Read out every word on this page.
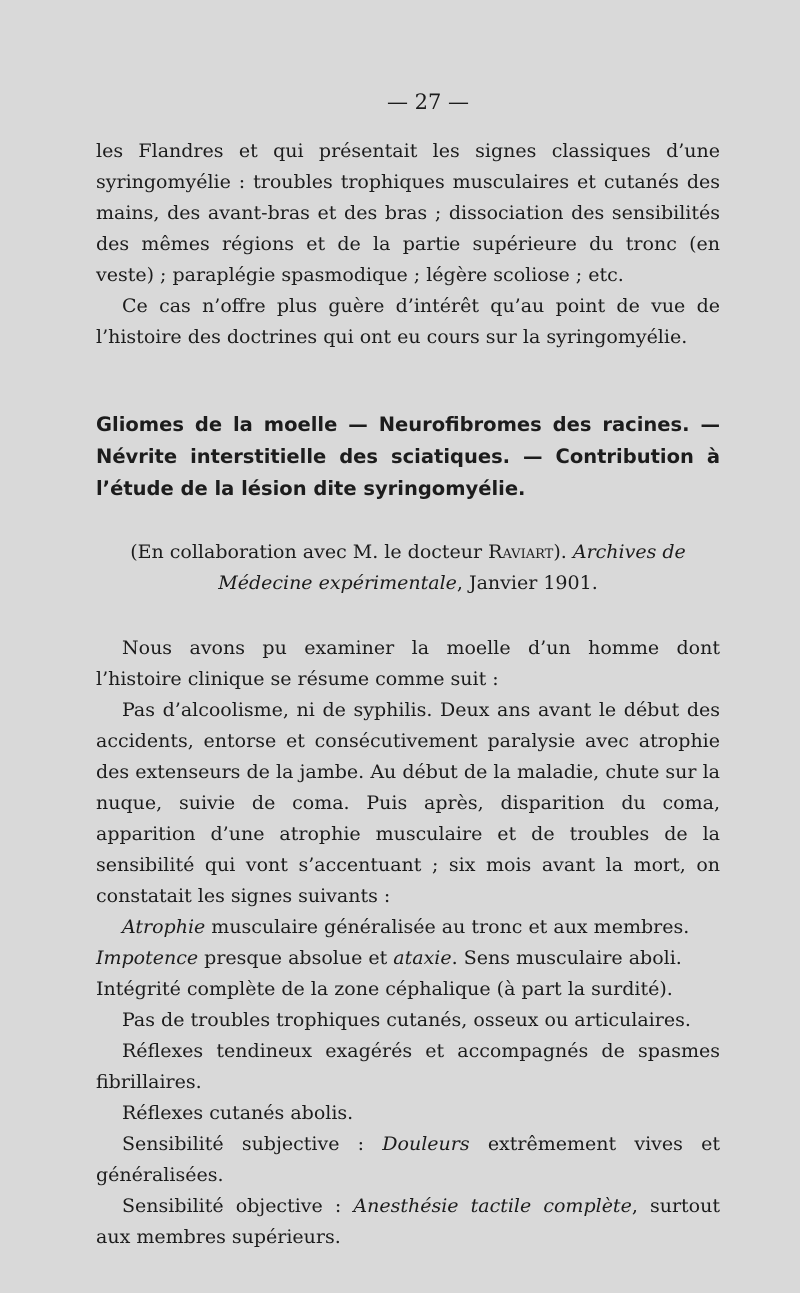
— 27 —

les Flandres et qui présentait les signes classiques d’une syringomyélie : troubles trophiques musculaires et cutanés des mains, des avant-bras et des bras ; dissociation des sensibilités des mêmes régions et de la partie supérieure du tronc (en veste) ; paraplégie spasmodique ; légère scoliose ; etc.

Ce cas n’offre plus guère d’intérêt qu’au point de vue de l’histoire des doctrines qui ont eu cours sur la syringomyélie.

Gliomes de la moelle — Neurofibromes des racines. — Névrite interstitielle des sciatiques. — Contribution à l’étude de la lésion dite syringomyélie.

(En collaboration avec M. le docteur Raviart). Archives de Médecine expérimentale, Janvier 1901.

Nous avons pu examiner la moelle d’un homme dont l’histoire clinique se résume comme suit :

Pas d’alcoolisme, ni de syphilis. Deux ans avant le début des accidents, entorse et consécutivement paralysie avec atrophie des extenseurs de la jambe. Au début de la maladie, chute sur la nuque, suivie de coma. Puis après, disparition du coma, apparition d’une atrophie musculaire et de troubles de la sensibilité qui vont s’accentuant ; six mois avant la mort, on constatait les signes suivants :

Atrophie musculaire généralisée au tronc et aux membres.

Impotence presque absolue et ataxie. Sens musculaire aboli.

Intégrité complète de la zone céphalique (à part la surdité).

Pas de troubles trophiques cutanés, osseux ou articulaires.

Réflexes tendineux exagérés et accompagnés de spasmes fibrillaires.

Réflexes cutanés abolis.

Sensibilité subjective : Douleurs extrêmement vives et généralisées.

Sensibilité objective : Anesthésie tactile complète, surtout aux membres supérieurs.
